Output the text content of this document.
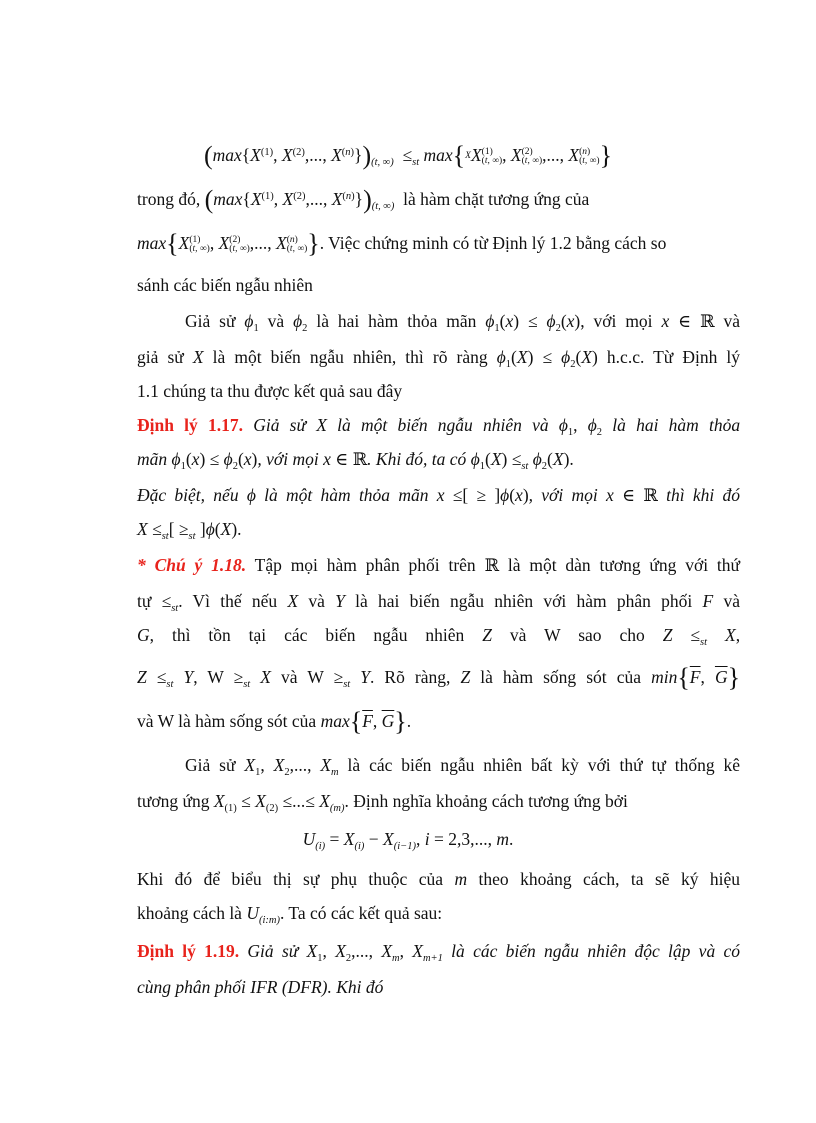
($\max\{X^{(1)}$, $X^{(2)}$,..., $X^{(n)}\})_{(t, \infty)} \le_{st}$ max{ X X (1)
(t, ∞) , X (2)
(t, ∞) ,..., X (n)
(t, ∞) }
trong đó, ($\max\{X^{(1)}$, $X^{(2)}$,..., $X^{(n)}\})_{(t, \infty)}$ là hàm chặt tương ứng của
max{X (1)
(t, ∞) , X (2)
(t, ∞) ,..., X (n)
(t, ∞) }. Việc chứng minh có từ Định lý 1.2 bằng cách so
sánh các biến ngẫu nhiên
Giả sử $\phi_1$ và $\phi_2$ là hai hàm thỏa mãn $\phi_1(x) \le \phi_2(x)$, với mọi x ∈ ℝ và
giả sử X là một biến ngẫu nhiên, thì rõ ràng $\phi_1(X) \le \phi_2(X)$ h.c.c. Từ Định lý
1.1 chúng ta thu được kết quả sau đây
Định lý 1.17. Giả sử X là một biến ngẫu nhiên và $\phi_1$, $\phi_2$ là hai hàm thỏa
mãn $\phi_1(x) \le \phi_2(x)$, với mọi x ∈ ℝ. Khi đó, ta có $\phi_1(X) \le_{st}$ $\phi_2(X)$.
Đặc biệt, nếu ϕ là một hàm thỏa mãn x ≤[ ≥ ]ϕ(x), với mọi x ∈ ℝ thì khi đó
$X \le_{st}[ \ge_{st}$ ]ϕ(X).
* Chú ý 1.18. Tập mọi hàm phân phối trên ℝ là một dàn tương ứng với thứ
tự $\le_{st}$. Vì thế nếu X và Y là hai biến ngẫu nhiên với hàm phân phối F và
G, thì tồn tại các biến ngẫu nhiên Z và W sao cho $Z \le_{st}$ X,
$Z \le_{st}$ Y, $W \ge_{st}$ X và $W \ge_{st}$ Y. Rõ ràng, Z là hàm sống sót của $\min\{\overline{F}$, $\overline{G}$}
và W là hàm sống sót của $\max\{\overline{F}$, $\overline{G}$}.
Giả sử $X_1$, $X_2$,..., $X_m$ là các biến ngẫu nhiên bất kỳ với thứ tự thống kê
tương ứng $X_{(1)} \le X_{(2)}$ ≤...≤ $X_{(m)}$. Định nghĩa khoảng cách tương ứng bởi
$U_{(i)} = X_{(i)} - X_{(i-1)}$, i = 2,3,..., m.
Khi đó để biểu thị sự phụ thuộc của m theo khoảng cách, ta sẽ ký hiệu
khoảng cách là $U_{(i:m)}$. Ta có các kết quả sau:
Định lý 1.19. Giả sử $X_1$, $X_2$,..., $X_m$, $X_{m+1}$ là các biến ngẫu nhiên độc lập và có
cùng phân phối IFR (DFR). Khi đó
